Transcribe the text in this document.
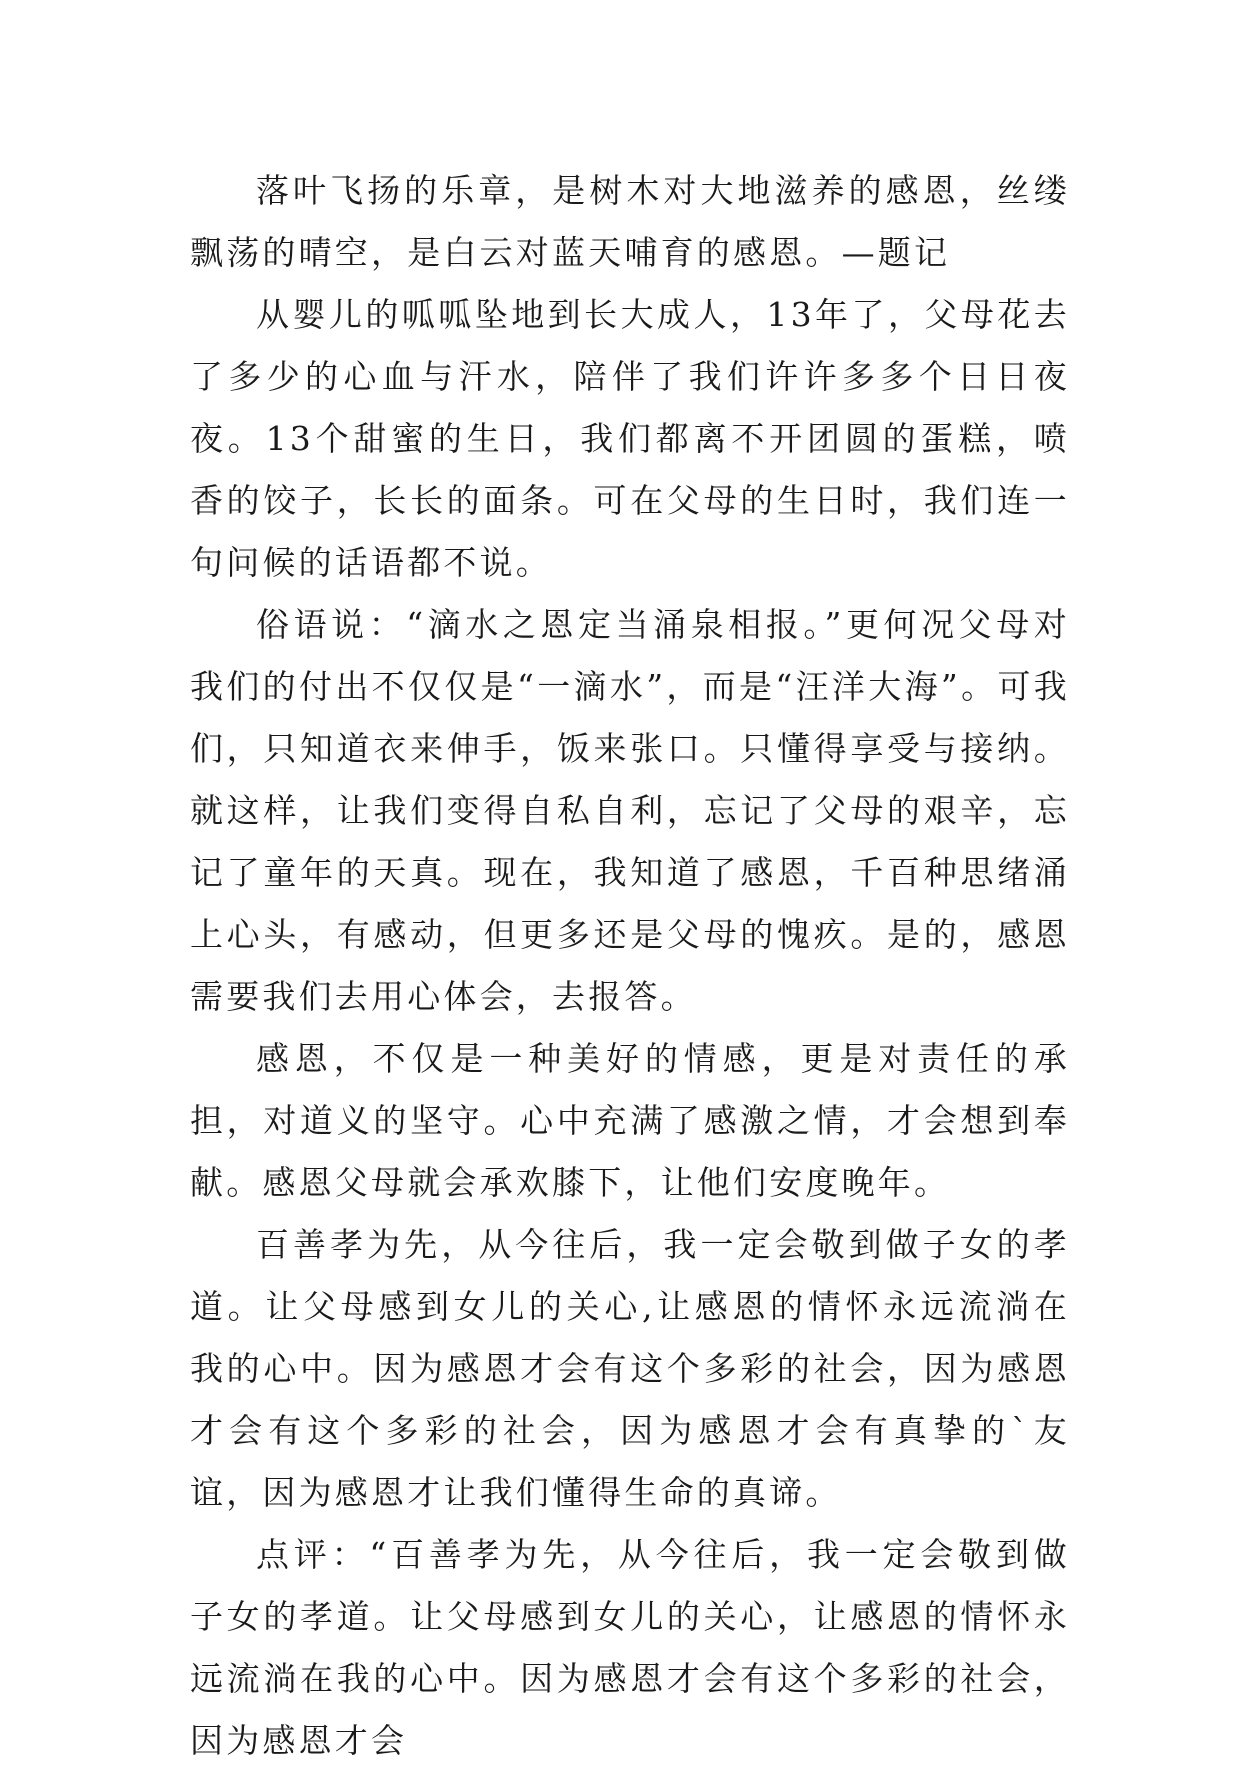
落叶飞扬的乐章，是树木对大地滋养的感恩，丝缕飘荡的晴空，是白云对蓝天哺育的感恩。—题记

从婴儿的呱呱坠地到长大成人，13年了，父母花去了多少的心血与汗水，陪伴了我们许许多多个日日夜夜。13个甜蜜的生日，我们都离不开团圆的蛋糕，喷香的饺子，长长的面条。可在父母的生日时，我们连一句问候的话语都不说。

俗语说：“滴水之恩定当涌泉相报。”更何况父母对我们的付出不仅仅是“一滴水”，而是“汪洋大海”。可我们，只知道衣来伸手，饭来张口。只懂得享受与接纳。就这样，让我们变得自私自利，忘记了父母的艰辛，忘记了童年的天真。现在，我知道了感恩，千百种思绪涌上心头，有感动，但更多还是父母的愧疚。是的，感恩需要我们去用心体会，去报答。

感恩，不仅是一种美好的情感，更是对责任的承担，对道义的坚守。心中充满了感激之情，才会想到奉献。感恩父母就会承欢膝下，让他们安度晚年。

百善孝为先，从今往后，我一定会敬到做子女的孝道。让父母感到女儿的关心,让感恩的情怀永远流淌在我的心中。因为感恩才会有这个多彩的社会，因为感恩才会有这个多彩的社会，因为感恩才会有真挚的`友谊，因为感恩才让我们懂得生命的真谛。

点评：“百善孝为先，从今往后，我一定会敬到做子女的孝道。让父母感到女儿的关心，让感恩的情怀永远流淌在我的心中。因为感恩才会有这个多彩的社会，因为感恩才会
